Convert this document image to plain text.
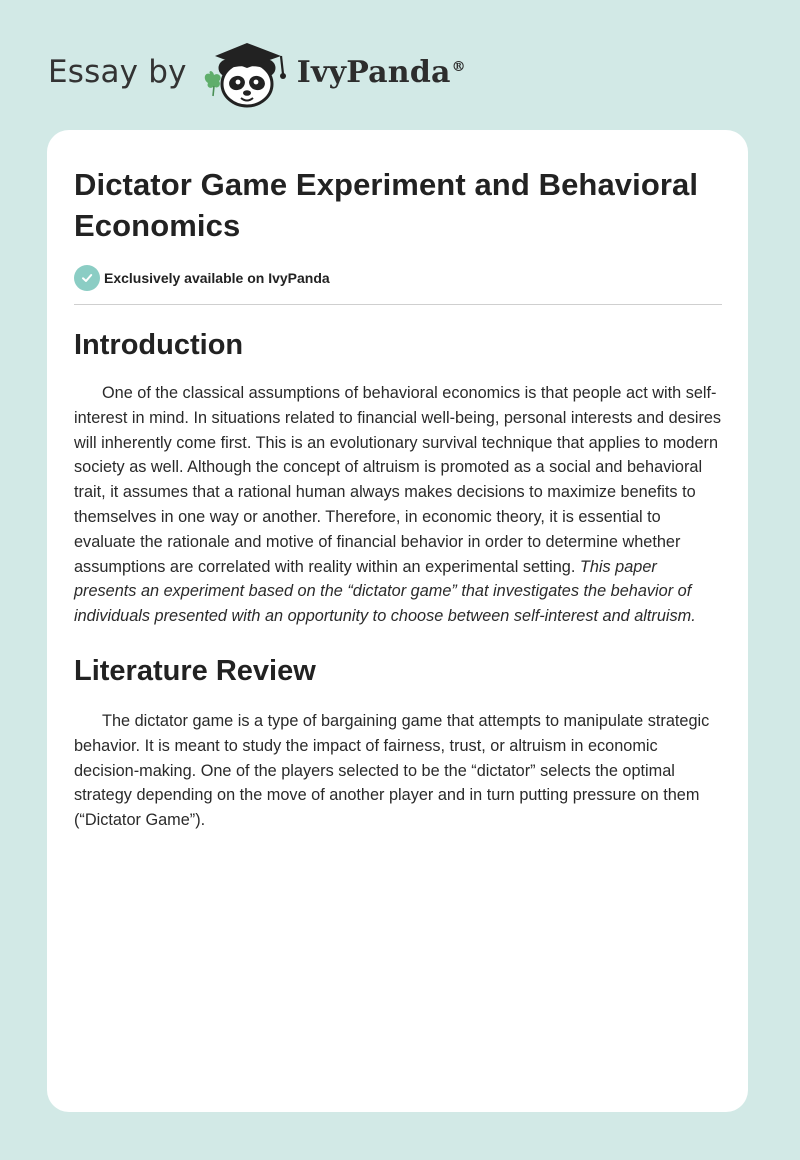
Essay by	IvyPanda®
Dictator Game Experiment and Behavioral Economics
Exclusively available on IvyPanda
Introduction

One of the classical assumptions of behavioral economics is that people act with self-interest in mind. In situations related to financial well-being, personal interests and desires will inherently come first. This is an evolutionary survival technique that applies to modern society as well. Although the concept of altruism is promoted as a social and behavioral trait, it assumes that a rational human always makes decisions to maximize benefits to themselves in one way or another. Therefore, in economic theory, it is essential to evaluate the rationale and motive of financial behavior in order to determine whether assumptions are correlated with reality within an experimental setting. This paper presents an experiment based on the “dictator game” that investigates the behavior of individuals presented with an opportunity to choose between self-interest and altruism.

Literature Review

The dictator game is a type of bargaining game that attempts to manipulate strategic behavior. It is meant to study the impact of fairness, trust, or altruism in economic decision-making. One of the players selected to be the “dictator” selects the optimal strategy depending on the move of another player and in turn putting pressure on them (“Dictator Game”).
